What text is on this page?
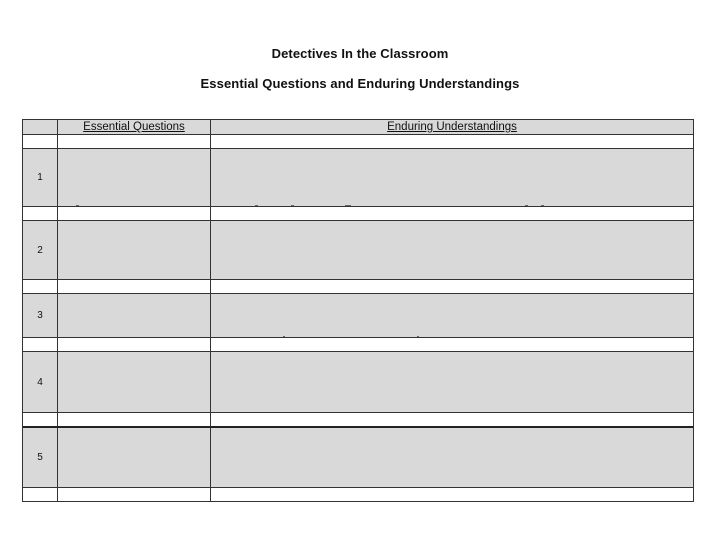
Detectives In the Classroom
Essential Questions and Enduring Understandings
Essential Questions	Enduring Understandings
1
2
3
4
5
